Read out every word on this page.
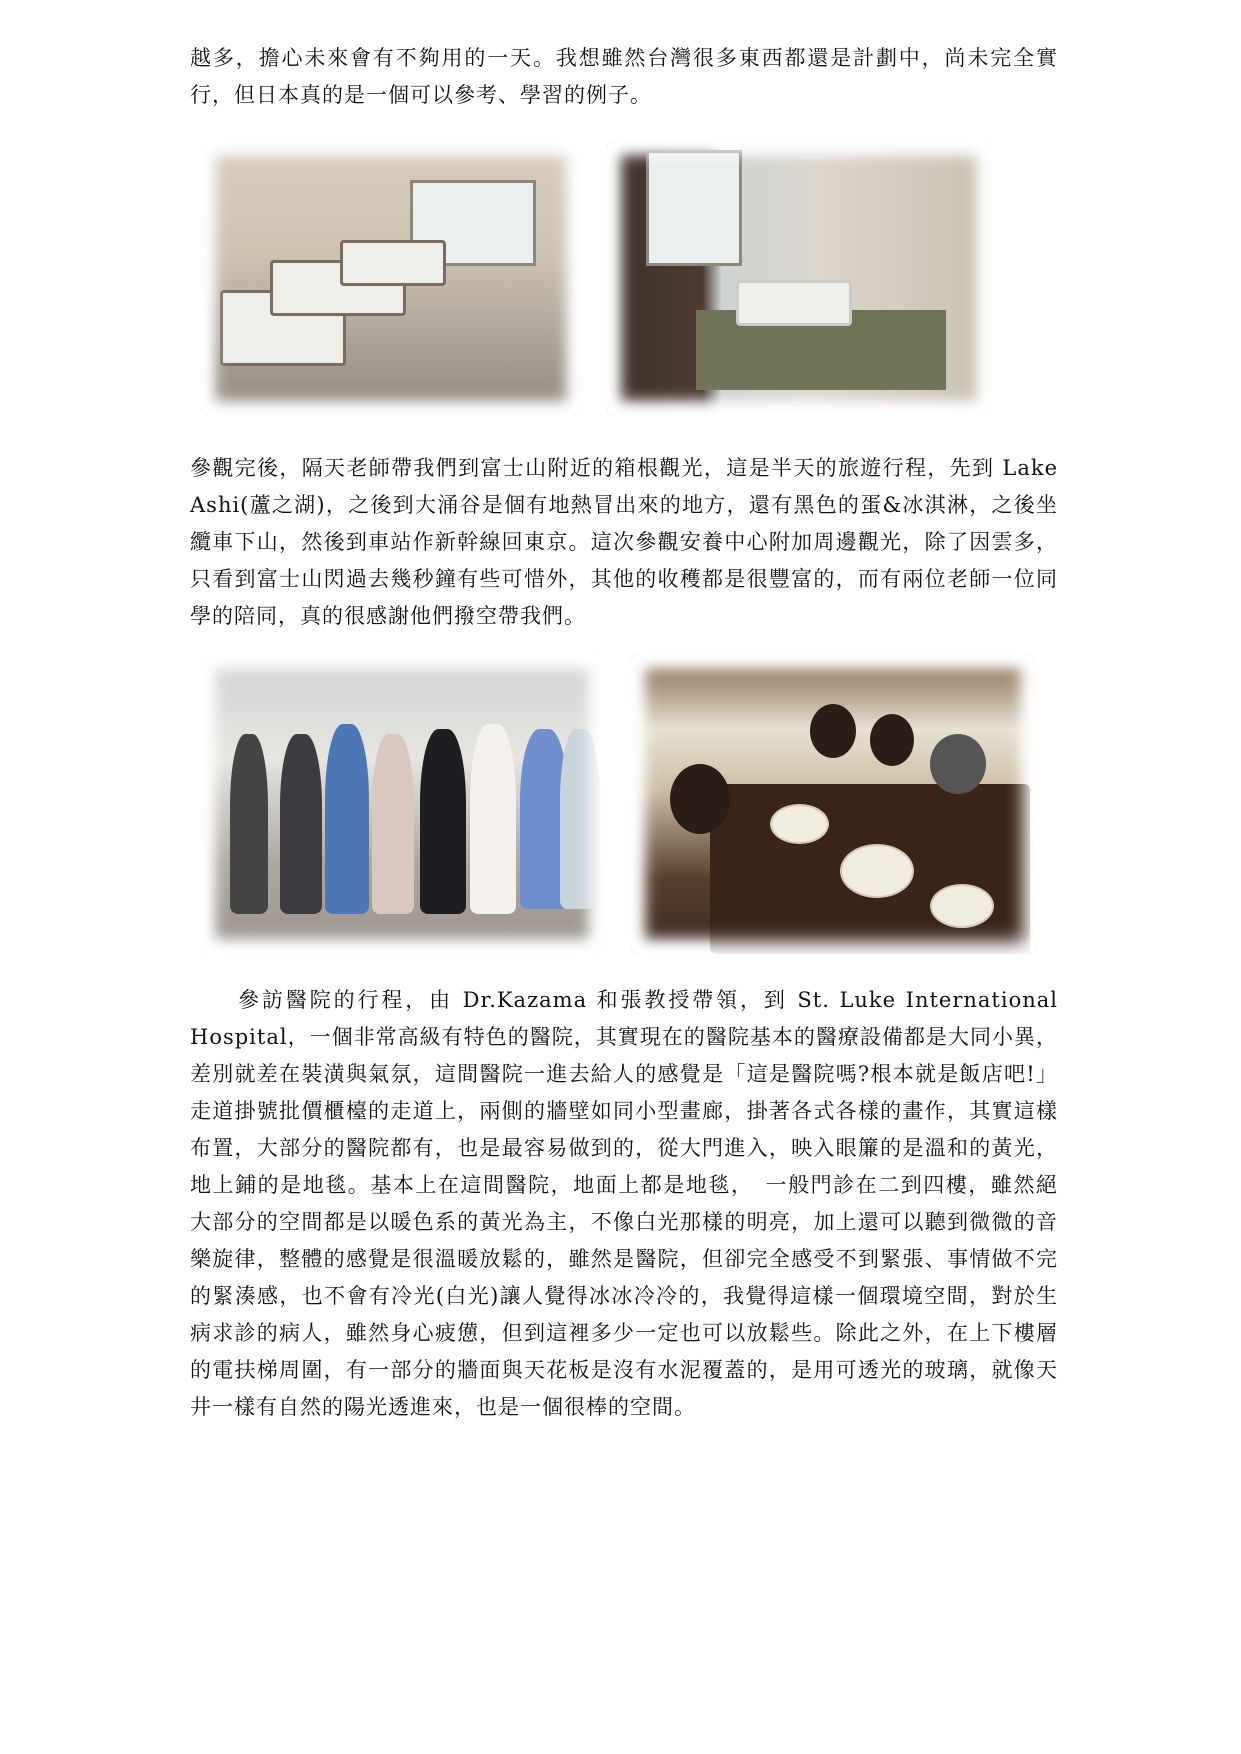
越多，擔心未來會有不夠用的一天。我想雖然台灣很多東西都還是計劃中，尚未完全實行，但日本真的是一個可以參考、學習的例子。

參觀完後，隔天老師帶我們到富士山附近的箱根觀光，這是半天的旅遊行程，先到 Lake Ashi(蘆之湖)，之後到大涌谷是個有地熱冒出來的地方，還有黑色的蛋&冰淇淋，之後坐纜車下山，然後到車站作新幹線回東京。這次參觀安養中心附加周邊觀光，除了因雲多，只看到富士山閃過去幾秒鐘有些可惜外，其他的收穫都是很豐富的，而有兩位老師一位同學的陪同，真的很感謝他們撥空帶我們。

參訪醫院的行程，由 Dr.Kazama 和張教授帶領，到 St. Luke International Hospital，一個非常高級有特色的醫院，其實現在的醫院基本的醫療設備都是大同小異，差別就差在裝潢與氣氛，這間醫院一進去給人的感覺是「這是醫院嗎?根本就是飯店吧!」走道掛號批價櫃檯的走道上，兩側的牆壁如同小型畫廊，掛著各式各樣的畫作，其實這樣布置，大部分的醫院都有，也是最容易做到的，從大門進入，映入眼簾的是溫和的黃光，地上鋪的是地毯。基本上在這間醫院，地面上都是地毯，　一般門診在二到四樓，雖然絕大部分的空間都是以暖色系的黃光為主，不像白光那樣的明亮，加上還可以聽到微微的音樂旋律，整體的感覺是很溫暖放鬆的，雖然是醫院，但卻完全感受不到緊張、事情做不完的緊湊感，也不會有冷光(白光)讓人覺得冰冰冷冷的，我覺得這樣一個環境空間，對於生病求診的病人，雖然身心疲憊，但到這裡多少一定也可以放鬆些。除此之外，在上下樓層的電扶梯周圍，有一部分的牆面與天花板是沒有水泥覆蓋的，是用可透光的玻璃，就像天井一樣有自然的陽光透進來，也是一個很棒的空間。
